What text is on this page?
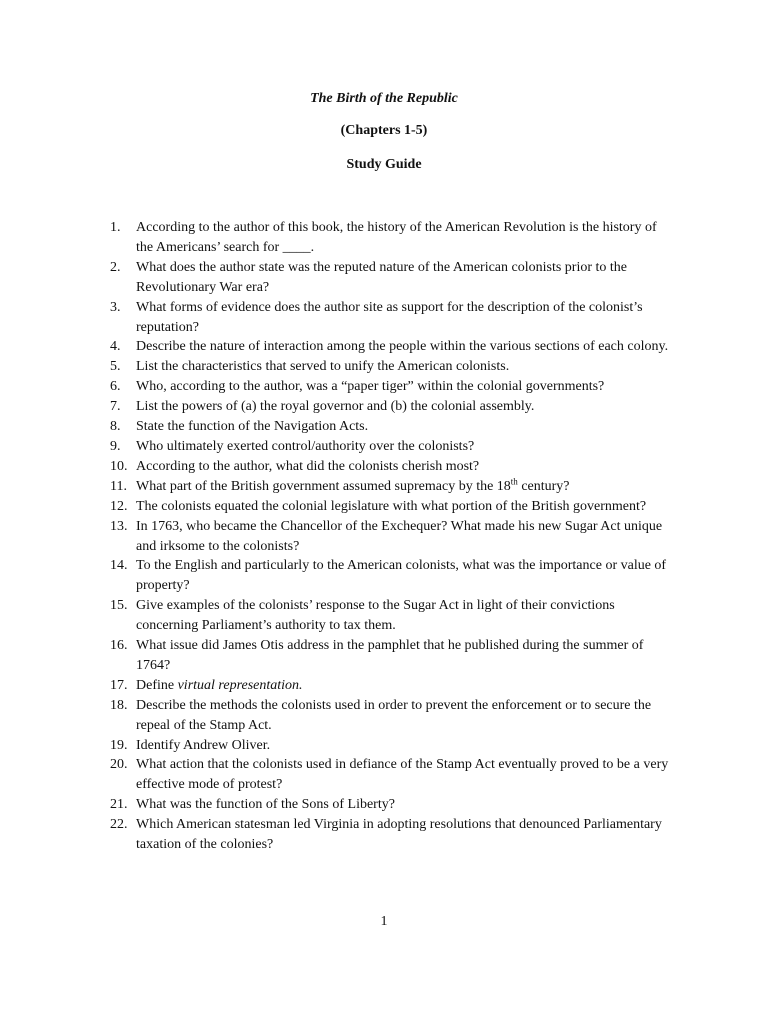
The Birth of the Republic
(Chapters 1-5)
Study Guide
1.	According to the author of this book, the history of the American Revolution is the history of the Americans’ search for ____.
2.	What does the author state was the reputed nature of the American colonists prior to the Revolutionary War era?
3.	What forms of evidence does the author site as support for the description of the colonist’s reputation?
4.	Describe the nature of interaction among the people within the various sections of each colony.
5.	List the characteristics that served to unify the American colonists.
6.	Who, according to the author, was a “paper tiger” within the colonial governments?
7.	List the powers of (a) the royal governor and (b) the colonial assembly.
8.	State the function of the Navigation Acts.
9.	Who ultimately exerted control/authority over the colonists?
10. According to the author, what did the colonists cherish most?
11. What part of the British government assumed supremacy by the 18th century?
12. The colonists equated the colonial legislature with what portion of the British government?
13. In 1763, who became the Chancellor of the Exchequer? What made his new Sugar Act unique and irksome to the colonists?
14. To the English and particularly to the American colonists, what was the importance or value of property?
15. Give examples of the colonists’ response to the Sugar Act in light of their convictions concerning Parliament’s authority to tax them.
16. What issue did James Otis address in the pamphlet that he published during the summer of 1764?
17. Define virtual representation.
18. Describe the methods the colonists used in order to prevent the enforcement or to secure the repeal of the Stamp Act.
19. Identify Andrew Oliver.
20. What action that the colonists used in defiance of the Stamp Act eventually proved to be a very effective mode of protest?
21. What was the function of the Sons of Liberty?
22. Which American statesman led Virginia in adopting resolutions that denounced Parliamentary taxation of the colonies?
1
